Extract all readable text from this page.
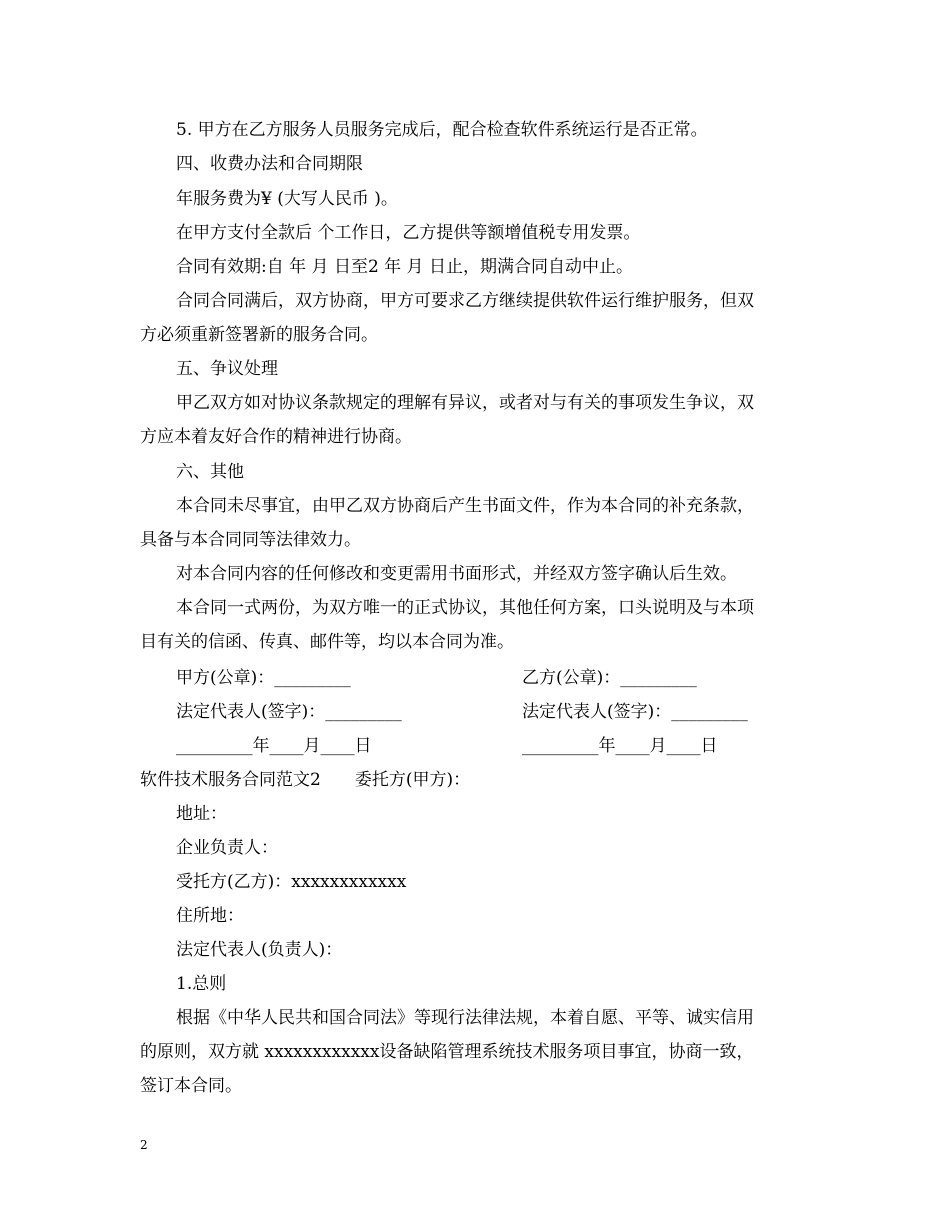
5. 甲方在乙方服务人员服务完成后，配合检查软件系统运行是否正常。
四、收费办法和合同期限
年服务费为¥ (大写人民币 )。
在甲方支付全款后 个工作日，乙方提供等额增值税专用发票。
合同有效期:自 年 月 日至2 年 月 日止，期满合同自动中止。
合同合同满后，双方协商，甲方可要求乙方继续提供软件运行维护服务，但双
方必须重新签署新的服务合同。
五、争议处理
甲乙双方如对协议条款规定的理解有异议，或者对与有关的事项发生争议，双
方应本着友好合作的精神进行协商。
六、其他
本合同未尽事宜，由甲乙双方协商后产生书面文件，作为本合同的补充条款，
具备与本合同同等法律效力。
对本合同内容的任何修改和变更需用书面形式，并经双方签字确认后生效。
本合同一式两份，为双方唯一的正式协议，其他任何方案，口头说明及与本项
目有关的信函、传真、邮件等，均以本合同为准。
甲方(公章)：_________	乙方(公章)：_________
法定代表人(签字)：_________	法定代表人(签字)：_________
_________年____月____日	_________年____月____日
软件技术服务合同范文2　　委托方(甲方)：
地址：
企业负责人：
受托方(乙方)：xxxxxxxxxxxx
住所地：
法定代表人(负责人)：
1.总则
根据《中华人民共和国合同法》等现行法律法规，本着自愿、平等、诚实信用
的原则，双方就 xxxxxxxxxxxx设备缺陷管理系统技术服务项目事宜，协商一致，
签订本合同。
2
